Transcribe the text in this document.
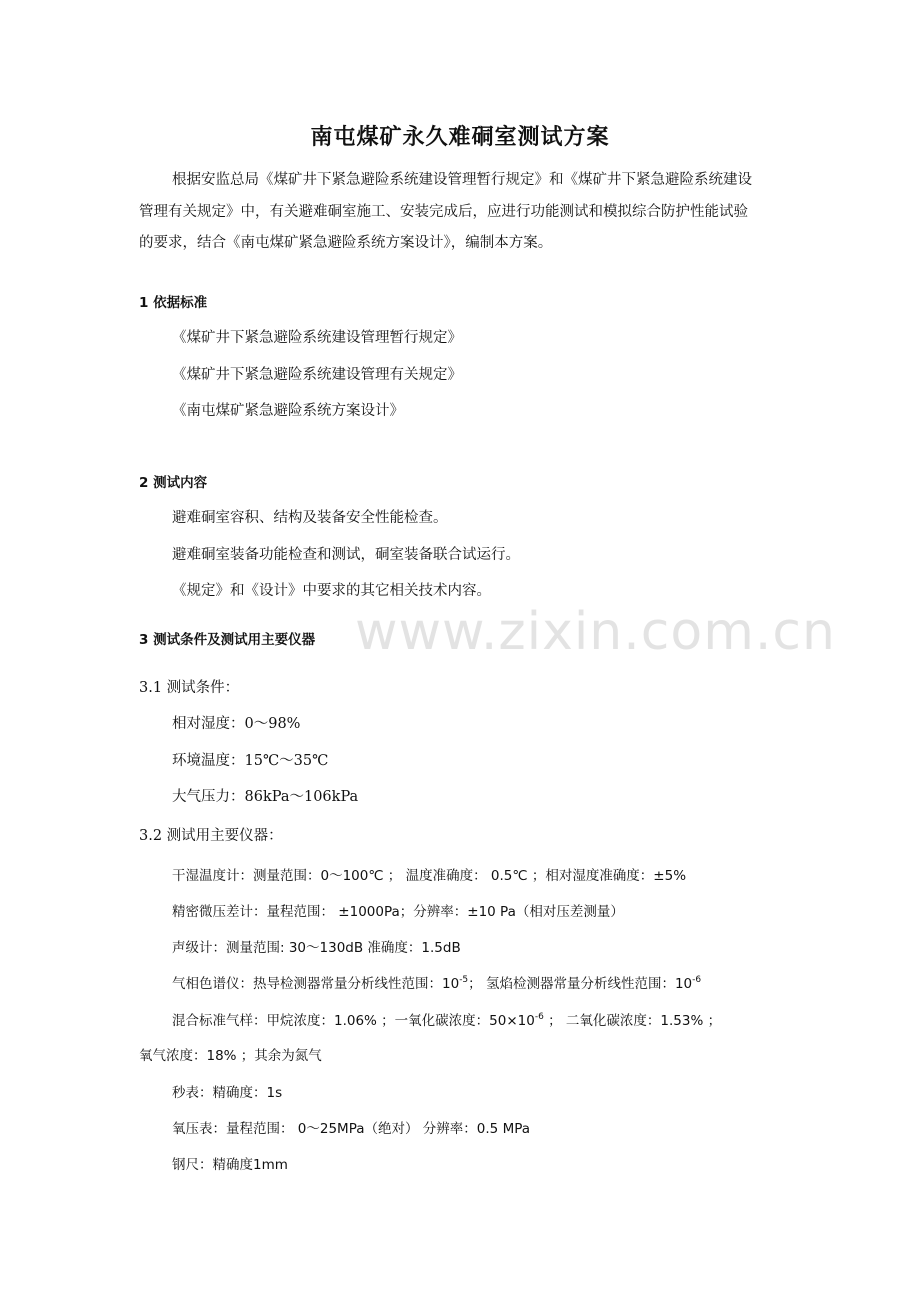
www.zixin.com.cn
南屯煤矿永久难硐室测试方案
根据安监总局《煤矿井下紧急避险系统建设管理暂行规定》和《煤矿井下紧急避险系统建设
管理有关规定》中，有关避难硐室施工、安装完成后，应进行功能测试和模拟综合防护性能试验
的要求，结合《南屯煤矿紧急避险系统方案设计》，编制本方案。
1 依据标准
《煤矿井下紧急避险系统建设管理暂行规定》
《煤矿井下紧急避险系统建设管理有关规定》
《南屯煤矿紧急避险系统方案设计》
2 测试内容
避难硐室容积、结构及装备安全性能检查。
避难硐室装备功能检查和测试，硐室装备联合试运行。
《规定》和《设计》中要求的其它相关技术内容。
3 测试条件及测试用主要仪器
3.1 测试条件：
相对湿度：0～98%
环境温度：15℃～35℃
大气压力：86kPa～106kPa
3.2 测试用主要仪器：
干湿温度计：测量范围：0～100℃ ； 温度准确度： 0.5℃ ；相对湿度准确度：±5%
精密微压差计：量程范围： ±1000Pa；分辨率：±10 Pa（相对压差测量）
声级计：测量范围: 30～130dB 准确度：1.5dB
气相色谱仪：热导检测器常量分析线性范围：$10^{-5}$； 氢焰检测器常量分析线性范围：$10^{-6}$
混合标准气样：甲烷浓度：1.06% ；一氧化碳浓度：$50\times 10^{-6}$ ； 二氧化碳浓度：1.53% ；
氧气浓度：18% ；其余为氮气
秒表：精确度：1s
氧压表：量程范围： 0～25MPa（绝对） 分辨率：0.5 MPa
钢尺：精确度1mm
